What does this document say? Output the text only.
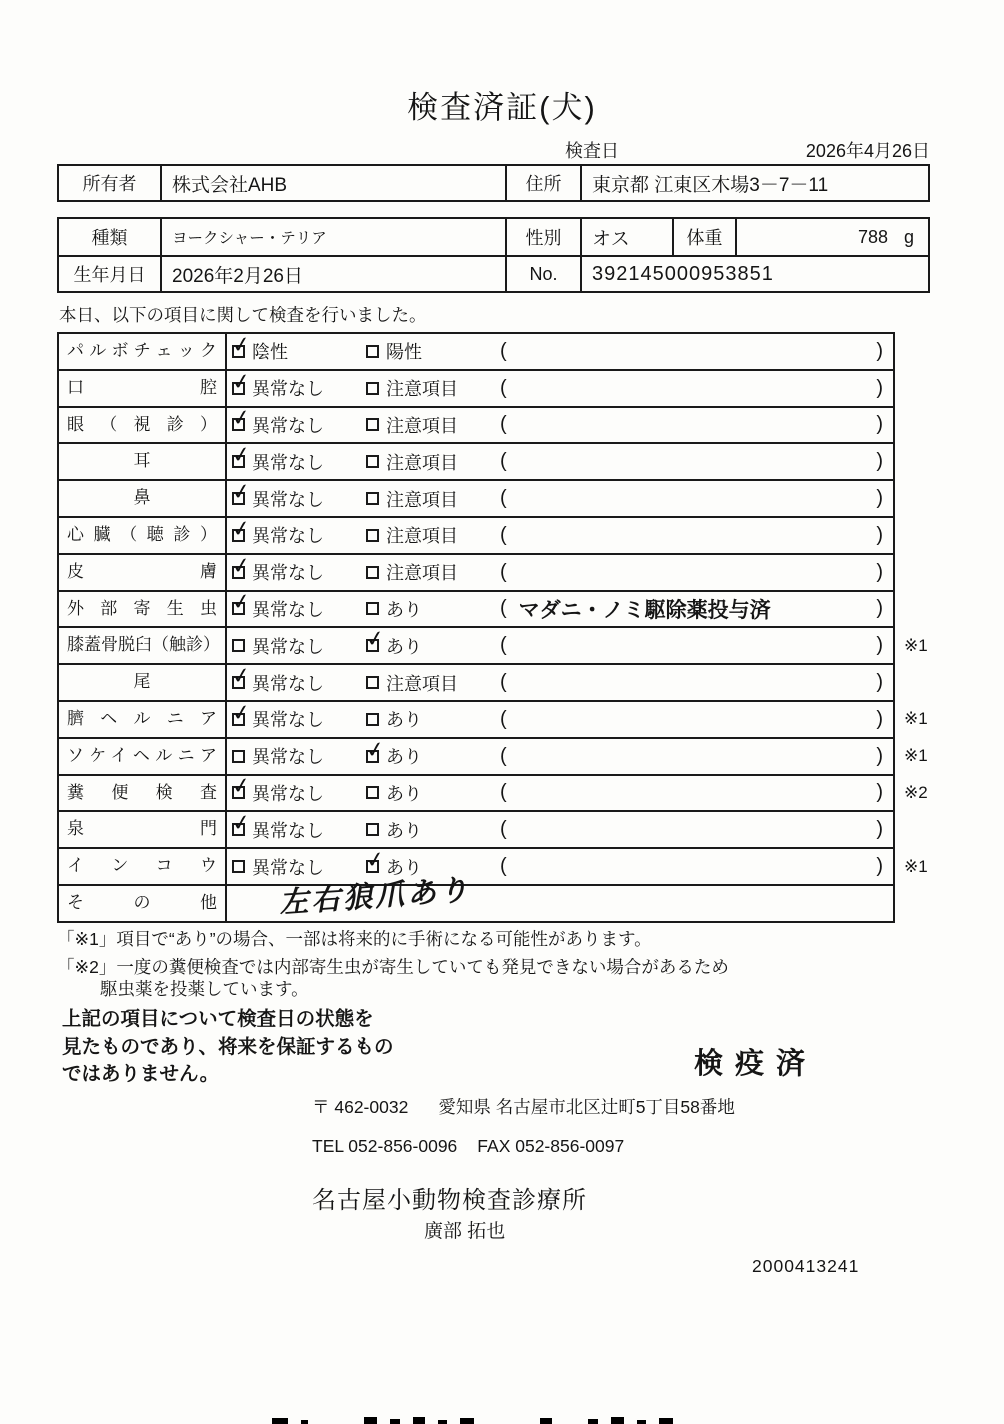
検査済証(犬)
検査日	2026年4月26日
所有者	株式会社AHB	住所	東京都 江東区木場3－7－11
種類	ヨークシャー・テリア	性別	オス	体重	788 g
生年月日	2026年2月26日	No.	392145000953851
本日、以下の項目に関して検査を行いました。
パルボチェック ✓ 陰性	陽性	(	)
口腔 ✓ 異常なし	注意項目 (	)
眼（視診） ✓ 異常なし	注意項目 (	)
耳	✓ 異常なし	注意項目 (	)
鼻	✓ 異常なし	注意項目 (	)
心臓（聴診） ✓ 異常なし	注意項目 (	)
皮膚 ✓ 異常なし	注意項目 (	)
外部寄生虫 ✓ 異常なし	あり	( マダニ・ノミ駆除薬投与済	)
膝蓋骨脱臼（触診）	異常なし ✓ あり	(	)	※1
尾	✓ 異常なし	注意項目 (	)
臍ヘルニア ✓ 異常なし	あり	(	)	※1
ソケイヘルニア	異常なし ✓ あり	(	)	※1
糞便検査 ✓ 異常なし	あり	(	)	※2
泉門 ✓ 異常なし	あり	(	)
インコウ	異常なし ✓ あり	(	)	※1
その他	左右狼爪あり
「※1」項目で“あり”の場合、一部は将来的に手術になる可能性があります。
「※2」一度の糞便検査では内部寄生虫が寄生していても発見できない場合があるため
駆虫薬を投薬しています。
上記の項目について検査日の状態を
見たものであり、将来を保証するもの
ではありません。	検疫済
〒 462-0032 愛知県 名古屋市北区辻町5丁目58番地
TEL 052-856-0096 FAX 052-856-0097
名古屋小動物検査診療所
廣部 拓也
2000413241
